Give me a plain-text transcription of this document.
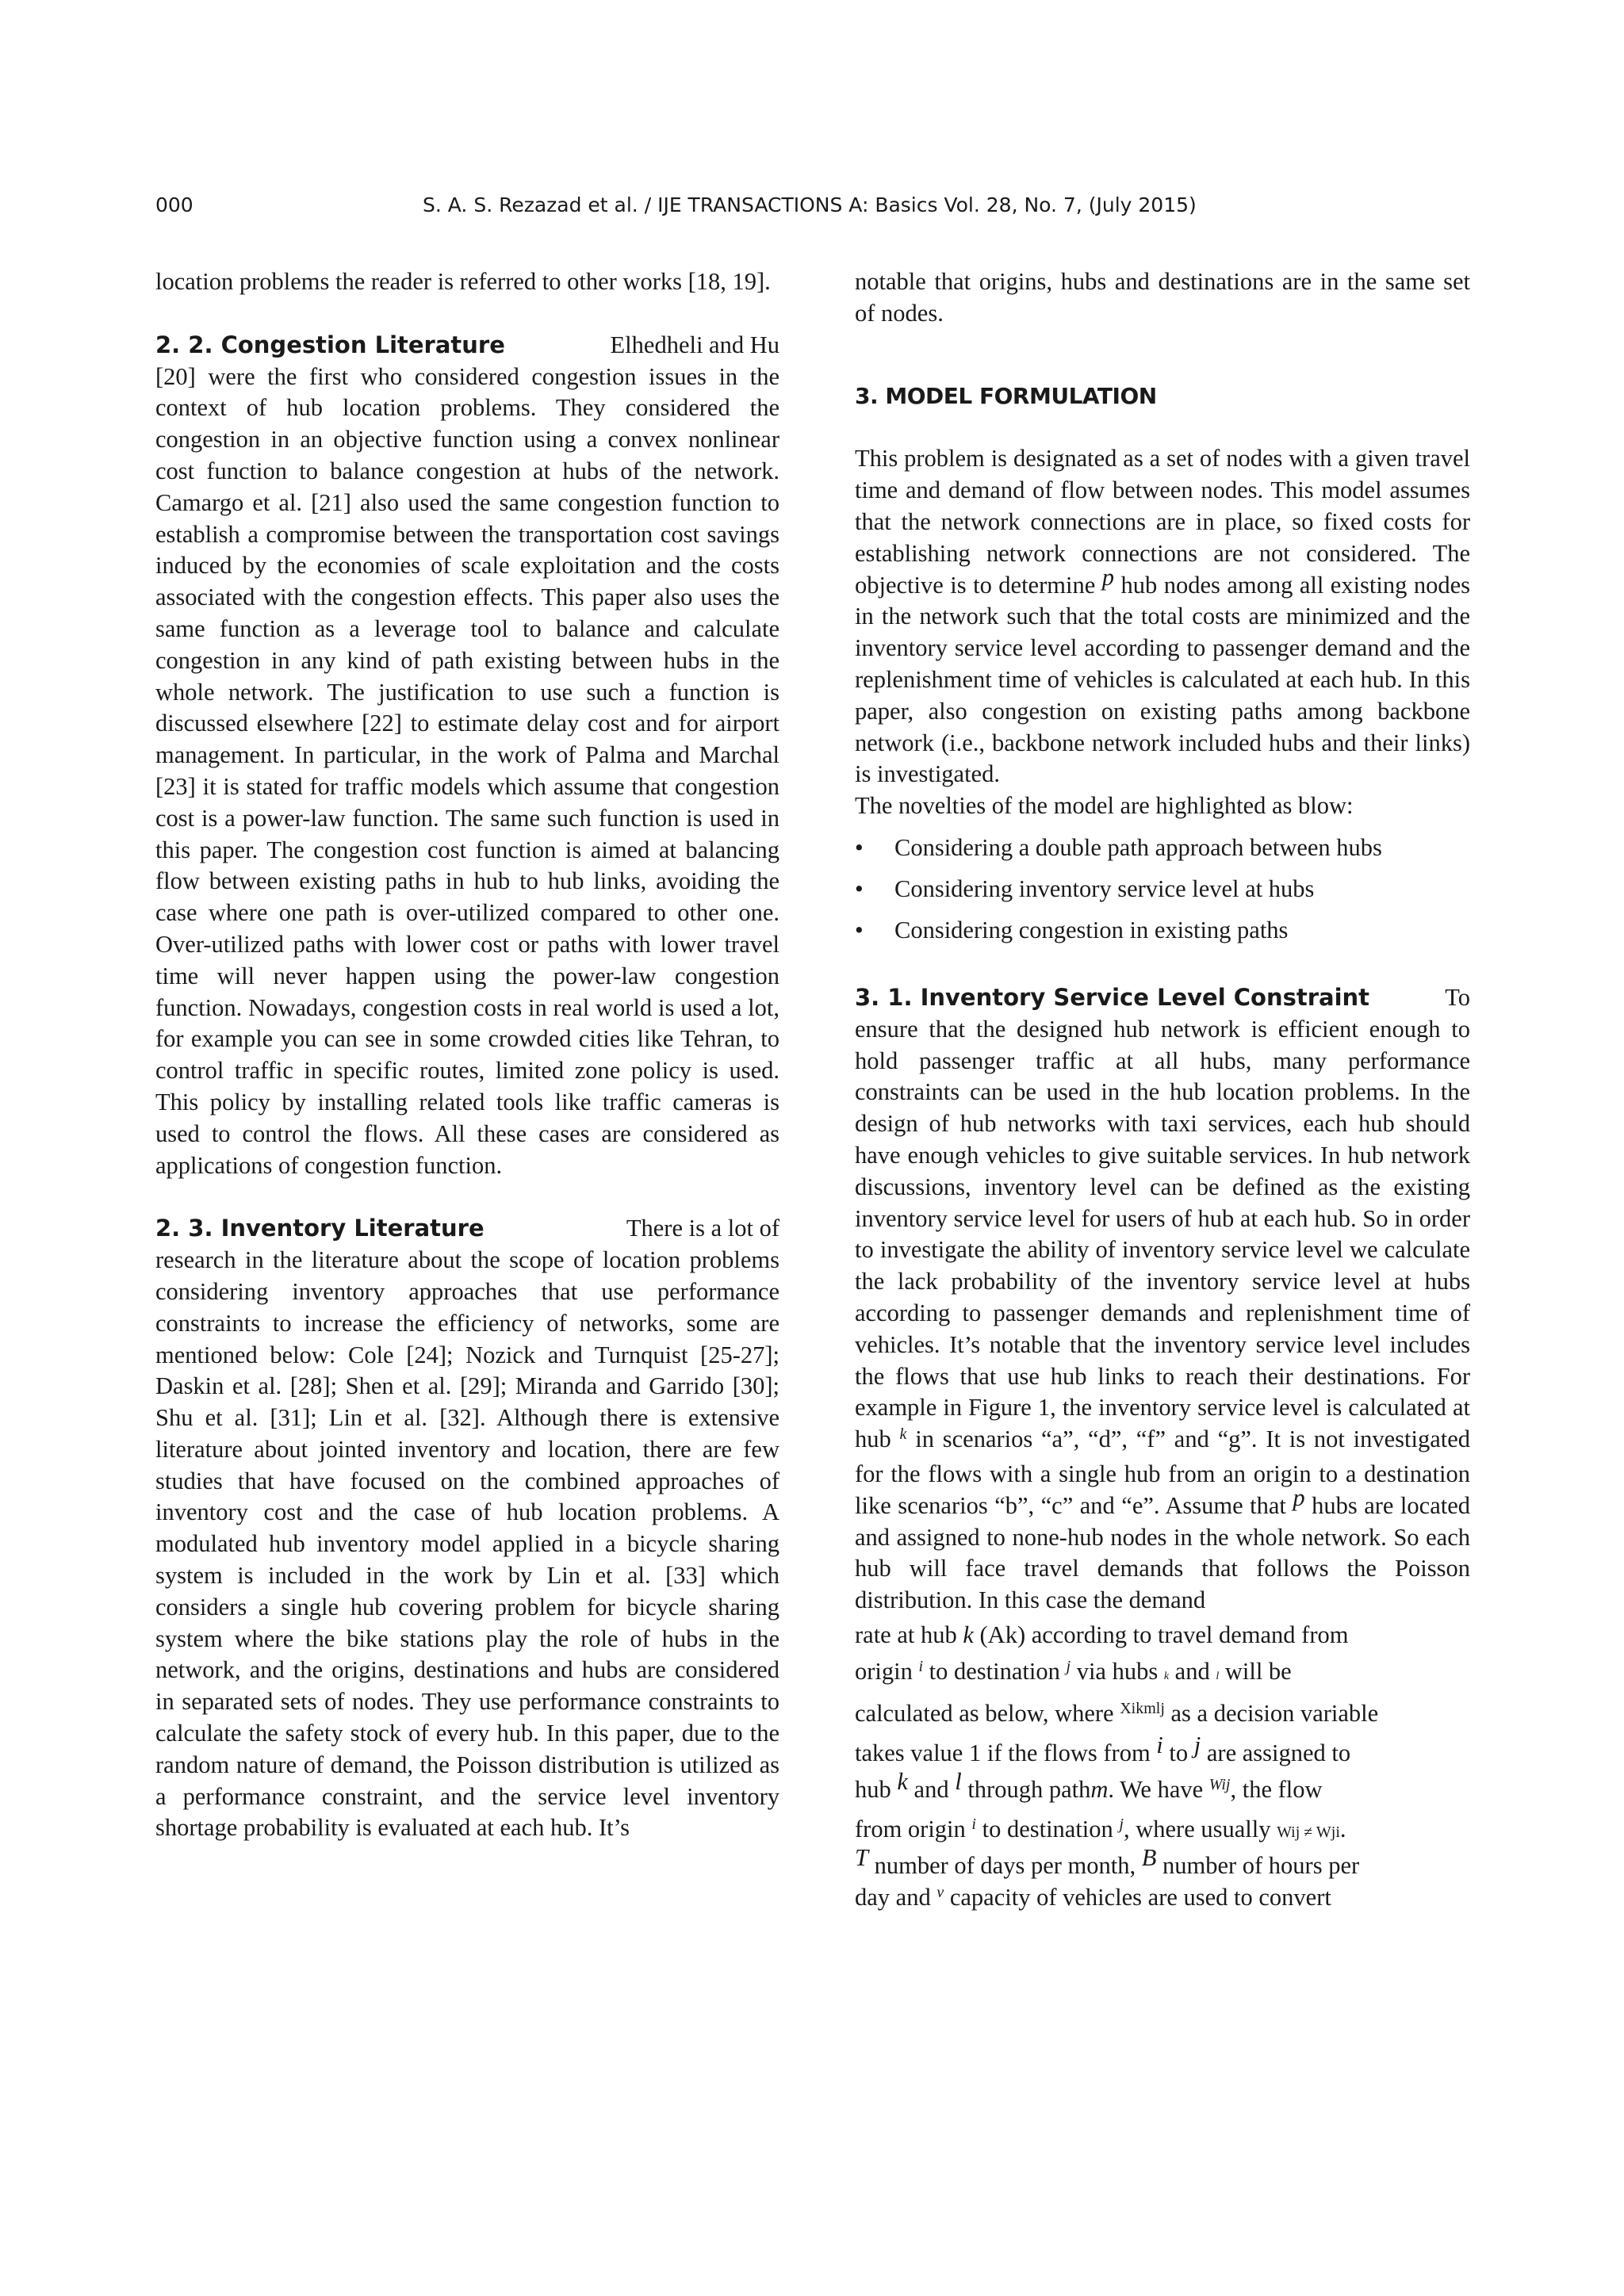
000	S. A. S. Rezazad et al. / IJE TRANSACTIONS A: Basics Vol. 28, No. 7, (July 2015)

location problems the reader is referred to other works [18, 19].

2. 2. Congestion Literature	Elhedheli and Hu

[20] were the first who considered congestion issues in the context of hub location problems. They considered the congestion in an objective function using a convex nonlinear cost function to balance congestion at hubs of the network. Camargo et al. [21] also used the same congestion function to establish a compromise between the transportation cost savings induced by the economies of scale exploitation and the costs associated with the congestion effects. This paper also uses the same function as a leverage tool to balance and calculate congestion in any kind of path existing between hubs in the whole network. The justification to use such a function is discussed elsewhere [22] to estimate delay cost and for airport management. In particular, in the work of Palma and Marchal [23] it is stated for traffic models which assume that congestion cost is a power-law function. The same such function is used in this paper. The congestion cost function is aimed at balancing flow between existing paths in hub to hub links, avoiding the case where one path is over-utilized compared to other one. Over-utilized paths with lower cost or paths with lower travel time will never happen using the power-law congestion function. Nowadays, congestion costs in real world is used a lot, for example you can see in some crowded cities like Tehran, to control traffic in specific routes, limited zone policy is used. This policy by installing related tools like traffic cameras is used to control the flows. All these cases are considered as applications of congestion function.

2. 3. Inventory Literature	There is a lot of

research in the literature about the scope of location problems considering inventory approaches that use performance constraints to increase the efficiency of networks, some are mentioned below: Cole [24]; Nozick and Turnquist [25-27]; Daskin et al. [28]; Shen et al. [29]; Miranda and Garrido [30]; Shu et al. [31]; Lin et al. [32]. Although there is extensive literature about jointed inventory and location, there are few studies that have focused on the combined approaches of inventory cost and the case of hub location problems. A modulated hub inventory model applied in a bicycle sharing system is included in the work by Lin et al. [33] which considers a single hub covering problem for bicycle sharing system where the bike stations play the role of hubs in the network, and the origins, destinations and hubs are considered in separated sets of nodes. They use performance constraints to calculate the safety stock of every hub. In this paper, due to the random nature of demand, the Poisson distribution is utilized as a performance constraint, and the service level inventory shortage probability is evaluated at each hub. It’s

notable that origins, hubs and destinations are in the same set of nodes.

3. MODEL FORMULATION

This problem is designated as a set of nodes with a given travel time and demand of flow between nodes. This model assumes that the network connections are in place, so fixed costs for establishing network connections are not considered. The objective is to determine p hub nodes among all existing nodes in the network such that the total costs are minimized and the inventory service level according to passenger demand and the replenishment time of vehicles is calculated at each hub. In this paper, also congestion on existing paths among backbone network (i.e., backbone network included hubs and their links) is investigated.

The novelties of the model are highlighted as blow:

• Considering a double path approach between hubs
• Considering inventory service level at hubs
• Considering congestion in existing paths
3. 1. Inventory Service Level Constraint	To

ensure that the designed hub network is efficient enough to hold passenger traffic at all hubs, many performance constraints can be used in the hub location problems. In the design of hub networks with taxi services, each hub should have enough vehicles to give suitable services. In hub network discussions, inventory level can be defined as the existing inventory service level for users of hub at each hub. So in order to investigate the ability of inventory service level we calculate the lack probability of the inventory service level at hubs according to passenger demands and replenishment time of vehicles. It’s notable that the inventory service level includes the flows that use hub links to reach their destinations. For example in Figure 1, the inventory service level is calculated at hub $^k$ in scenarios “a”, “d”, “f” and “g”. It is not investigated for the flows with a single hub from an origin to a destination like scenarios “b”, “c” and “e”. Assume that p hubs are located and assigned to none-hub nodes in the whole network. So each hub will face travel demands that follows the Poisson distribution. In this case the demand

rate at hub k (Ak) according to travel demand from

origin $^i$ to destination $^j$ via hubs k and l will be

calculated as below, where $^{Xikmlj}$ as a decision variable

takes value 1 if the flows from i to j are assigned to

hub k and l through pathm. We have $^{Wij}$, the flow

from origin $^i$ to destination $^j$, where usually Wij ≠ Wji.

T number of days per month, B number of hours per

day and $^v$ capacity of vehicles are used to convert
